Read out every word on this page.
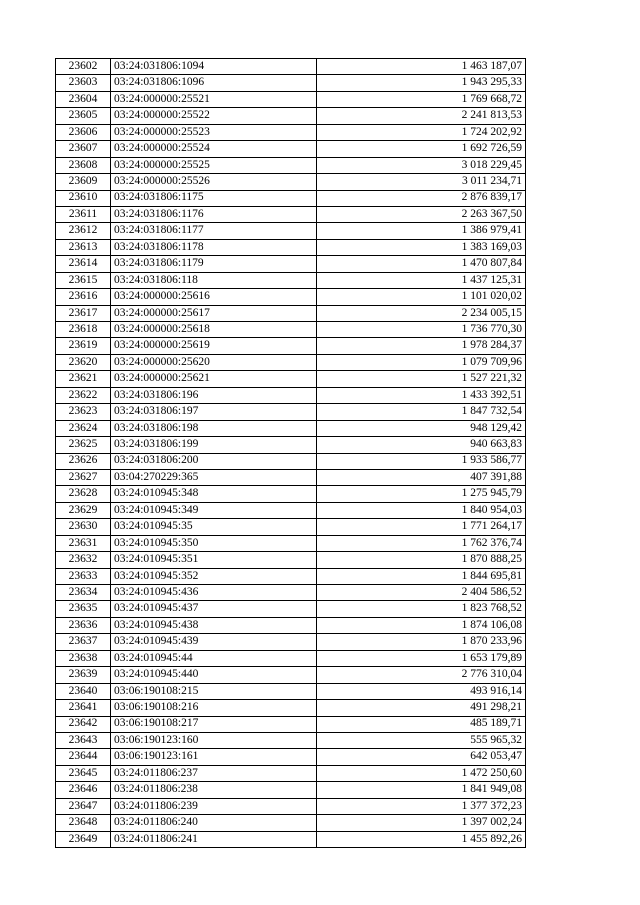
23602	03:24:031806:1094	1 463 187,07
23603	03:24:031806:1096	1 943 295,33
23604	03:24:000000:25521	1 769 668,72
23605	03:24:000000:25522	2 241 813,53
23606	03:24:000000:25523	1 724 202,92
23607	03:24:000000:25524	1 692 726,59
23608	03:24:000000:25525	3 018 229,45
23609	03:24:000000:25526	3 011 234,71
23610	03:24:031806:1175	2 876 839,17
23611	03:24:031806:1176	2 263 367,50
23612	03:24:031806:1177	1 386 979,41
23613	03:24:031806:1178	1 383 169,03
23614	03:24:031806:1179	1 470 807,84
23615	03:24:031806:118	1 437 125,31
23616	03:24:000000:25616	1 101 020,02
23617	03:24:000000:25617	2 234 005,15
23618	03:24:000000:25618	1 736 770,30
23619	03:24:000000:25619	1 978 284,37
23620	03:24:000000:25620	1 079 709,96
23621	03:24:000000:25621	1 527 221,32
23622	03:24:031806:196	1 433 392,51
23623	03:24:031806:197	1 847 732,54
23624	03:24:031806:198	948 129,42
23625	03:24:031806:199	940 663,83
23626	03:24:031806:200	1 933 586,77
23627	03:04:270229:365	407 391,88
23628	03:24:010945:348	1 275 945,79
23629	03:24:010945:349	1 840 954,03
23630	03:24:010945:35	1 771 264,17
23631	03:24:010945:350	1 762 376,74
23632	03:24:010945:351	1 870 888,25
23633	03:24:010945:352	1 844 695,81
23634	03:24:010945:436	2 404 586,52
23635	03:24:010945:437	1 823 768,52
23636	03:24:010945:438	1 874 106,08
23637	03:24:010945:439	1 870 233,96
23638	03:24:010945:44	1 653 179,89
23639	03:24:010945:440	2 776 310,04
23640	03:06:190108:215	493 916,14
23641	03:06:190108:216	491 298,21
23642	03:06:190108:217	485 189,71
23643	03:06:190123:160	555 965,32
23644	03:06:190123:161	642 053,47
23645	03:24:011806:237	1 472 250,60
23646	03:24:011806:238	1 841 949,08
23647	03:24:011806:239	1 377 372,23
23648	03:24:011806:240	1 397 002,24
23649	03:24:011806:241	1 455 892,26
